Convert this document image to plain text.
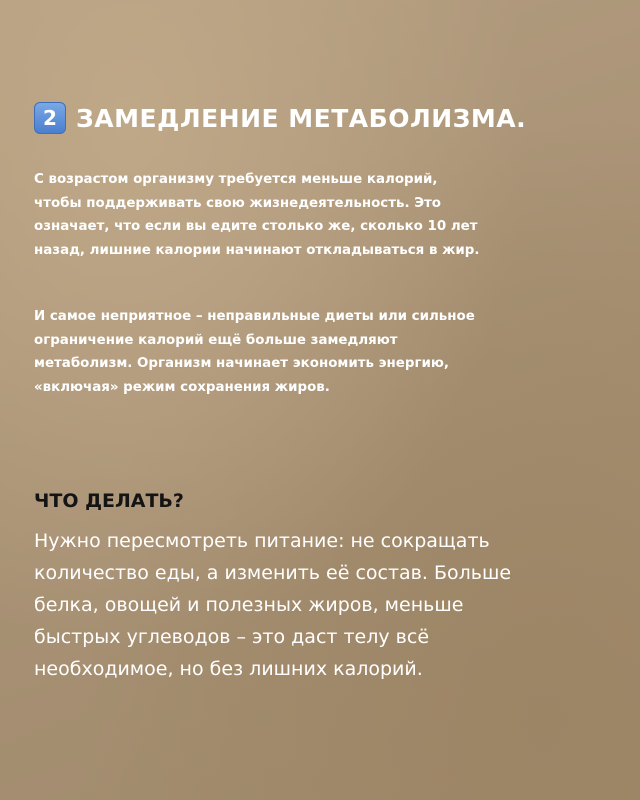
2 ЗАМЕДЛЕНИЕ МЕТАБОЛИЗМА.

С возрастом организму требуется меньше калорий,

чтобы поддерживать свою жизнедеятельность. Это

означает, что если вы едите столько же, сколько 10 лет

назад, лишние калории начинают откладываться в жир.

И самое неприятное – неправильные диеты или сильное

ограничение калорий ещё больше замедляют

метаболизм. Организм начинает экономить энергию,

«включая» режим сохранения жиров.

ЧТО ДЕЛАТЬ?

Нужно пересмотреть питание: не сокращать

количество еды, а изменить её состав. Больше

белка, овощей и полезных жиров, меньше

быстрых углеводов – это даст телу всё

необходимое, но без лишних калорий.
